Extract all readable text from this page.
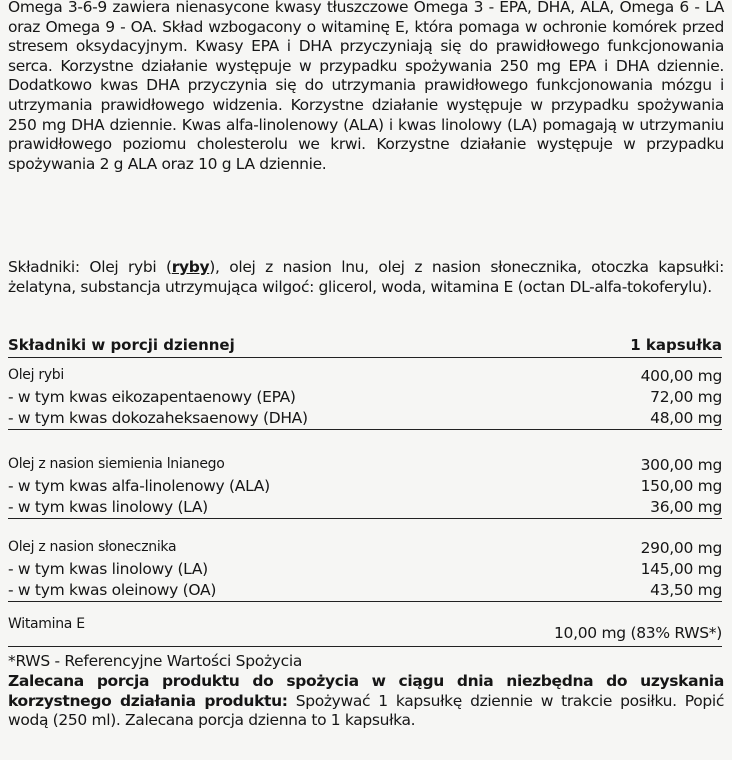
Omega 3-6-9 zawiera nienasycone kwasy tłuszczowe Omega 3 - EPA, DHA, ALA, Omega 6 - LA oraz Omega 9 - OA. Skład wzbogacony o witaminę E, która pomaga w ochronie komórek przed stresem oksydacyjnym. Kwasy EPA i DHA przyczyniają się do prawidłowego funkcjonowania serca. Korzystne działanie występuje w przypadku spożywania 250 mg EPA i DHA dziennie. Dodatkowo kwas DHA przyczynia się do utrzymania prawidłowego funkcjonowania mózgu i utrzymania prawidłowego widzenia. Korzystne działanie występuje w przypadku spożywania 250 mg DHA dziennie. Kwas alfa-linolenowy (ALA) i kwas linolowy (LA) pomagają w utrzymaniu prawidłowego poziomu cholesterolu we krwi. Korzystne działanie występuje w przypadku spożywania 2 g ALA oraz 10 g LA dziennie.

Składniki: Olej rybi (ryby), olej z nasion lnu, olej z nasion słonecznika, otoczka kapsułki: żelatyna, substancja utrzymująca wilgoć: glicerol, woda, witamina E (octan DL-alfa-tokoferylu).

Składniki w porcji dziennej	1 kapsułka
Olej rybi	400,00 mg
- w tym kwas eikozapentaenowy (EPA)	72,00 mg
- w tym kwas dokozaheksaenowy (DHA)	48,00 mg
Olej z nasion siemienia lnianego	300,00 mg
- w tym kwas alfa-linolenowy (ALA)	150,00 mg
- w tym kwas linolowy (LA)	36,00 mg
Olej z nasion słonecznika	290,00 mg
- w tym kwas linolowy (LA)	145,00 mg
- w tym kwas oleinowy (OA)	43,50 mg
Witamina E	10,00 mg (83% RWS*)
*RWS - Referencyjne Wartości Spożycia

Zalecana porcja produktu do spożycia w ciągu dnia niezbędna do uzyskania korzystnego działania produktu: Spożywać 1 kapsułkę dziennie w trakcie posiłku. Popić wodą (250 ml). Zalecana porcja dzienna to 1 kapsułka.
